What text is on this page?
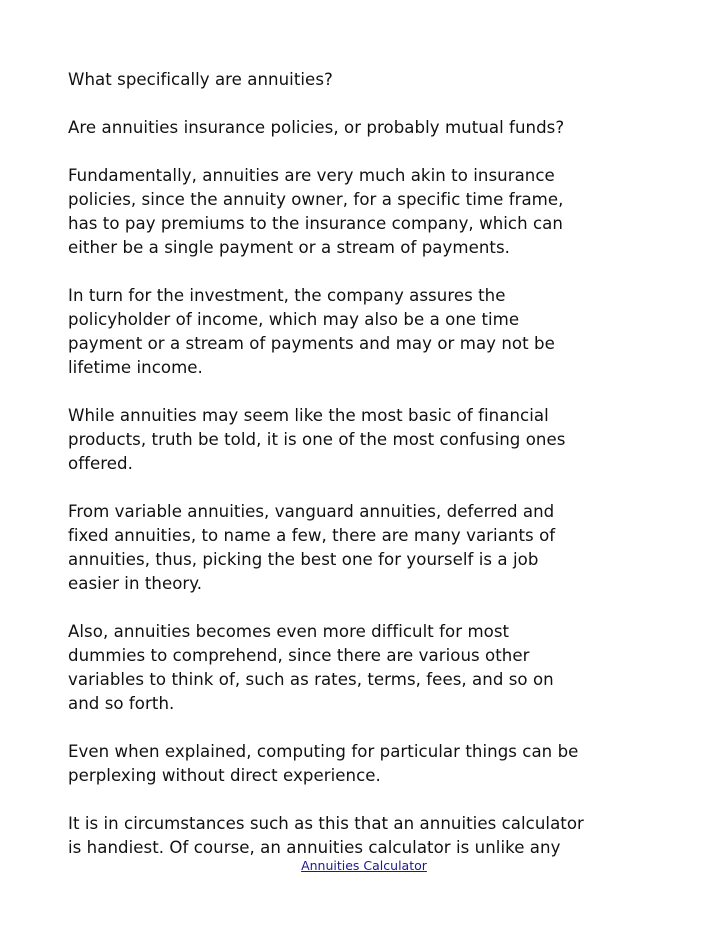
What specifically are annuities?

Are annuities insurance policies, or probably mutual funds?

Fundamentally, annuities are very much akin to insurance
policies, since the annuity owner, for a specific time frame,
has to pay premiums to the insurance company, which can
either be a single payment or a stream of payments.

In turn for the investment, the company assures the
policyholder of income, which may also be a one time
payment or a stream of payments and may or may not be
lifetime income.

While annuities may seem like the most basic of financial
products, truth be told, it is one of the most confusing ones
offered.

From variable annuities, vanguard annuities, deferred and
fixed annuities, to name a few, there are many variants of
annuities, thus, picking the best one for yourself is a job
easier in theory.

Also, annuities becomes even more difficult for most
dummies to comprehend, since there are various other
variables to think of, such as rates, terms, fees, and so on
and so forth.

Even when explained, computing for particular things can be
perplexing without direct experience.

It is in circumstances such as this that an annuities calculator
is handiest. Of course, an annuities calculator is unlike any

Annuities Calculator
